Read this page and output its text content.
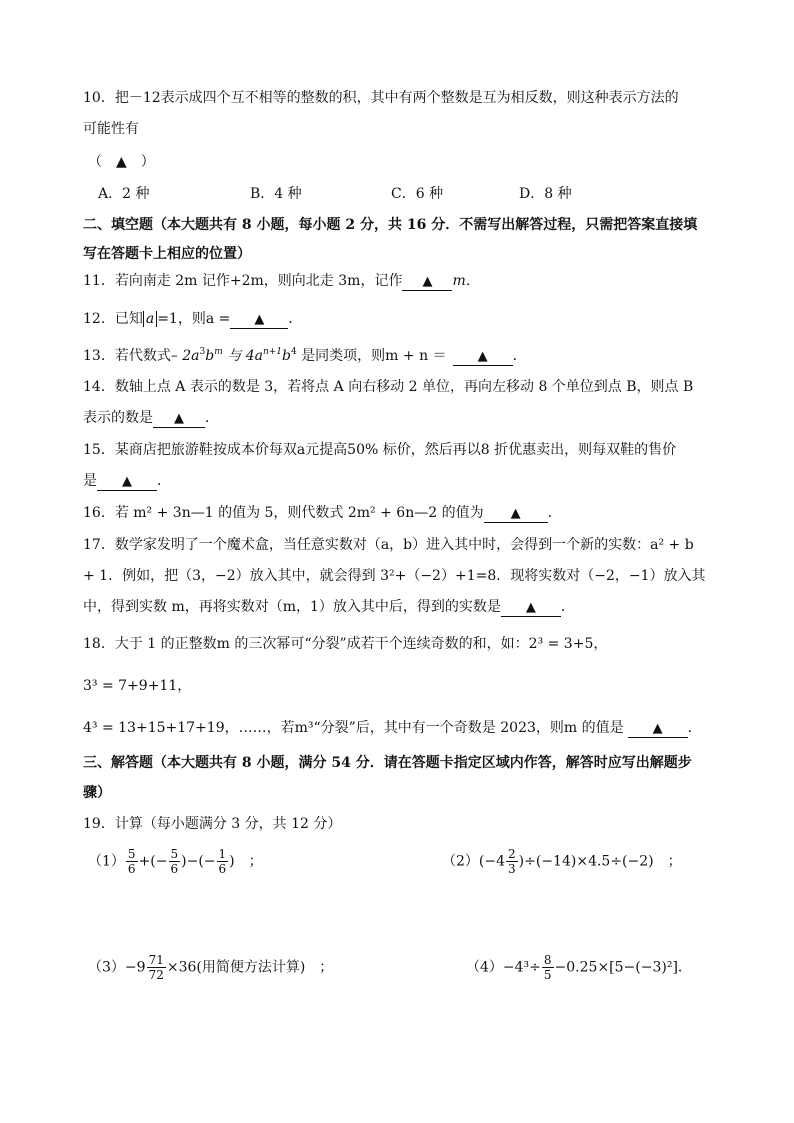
10．把－12表示成四个互不相等的整数的积，其中有两个整数是互为相反数，则这种表示方法的
可能性有
（　▲　）
A．2 种	B．4 种	C．6 种	D．8 种
二、填空题（本大题共有 8 小题，每小题 2 分，共 16 分．不需写出解答过程，只需把答案直接填
写在答题卡上相应的位置）
11．若向南走 2m 记作+2m，则向北走 3m，记作 ▲ m．
12．已知 a =1，则a = ▲ ．
13．若代数式– $2a^3b^m$ 与 $4a^{n+1}b^4$ 是同类项，则m + n ＝ ▲ ．
14．数轴上点 A 表示的数是 3，若将点 A 向右移动 2 单位，再向左移动 8 个单位到点 B，则点 B
表示的数是 ▲ ．
15．某商店把旅游鞋按成本价每双a元提高50% 标价，然后再以8 折优惠卖出，则每双鞋的售价
是 ▲ ．
16．若 m² + 3n—1 的值为 5，则代数式 2m² + 6n—2 的值为 ▲ ．
17．数学家发明了一个魔术盒，当任意实数对（a，b）进入其中时，会得到一个新的实数：a² + b
+ 1．例如，把（3，−2）放入其中，就会得到 3²+（−2）+1=8．现将实数对（−2，−1）放入其
中，得到实数 m，再将实数对（m，1）放入其中后，得到的实数是 ▲ ．
18．大于 1 的正整数m 的三次幂可“分裂”成若干个连续奇数的和，如：2³ = 3+5，
3³ = 7+9+11，
4³ = 13+15+17+19，……，若m³“分裂”后，其中有一个奇数是 2023，则m 的值是 ▲ ．
三、解答题（本大题共有 8 小题，满分 54 分．请在答题卡指定区域内作答，解答时应写出解题步
骤）
19．计算（每小题满分 3 分，共 12 分）
$(1) \frac{5}{6}$ +(− $\frac{5}{6}$ )−(− $\frac{1}{6}$ )　；	$(2)(-4 \frac{2}{3} )\div(-14)\times 4.5\div(-2)$　；
$(3)-9 \frac{71}{72} \times 36$(用简便方法计算)　；	$(4)-4^3\div \frac{8}{5} -0.25\times[5-(-3)^2]$．
